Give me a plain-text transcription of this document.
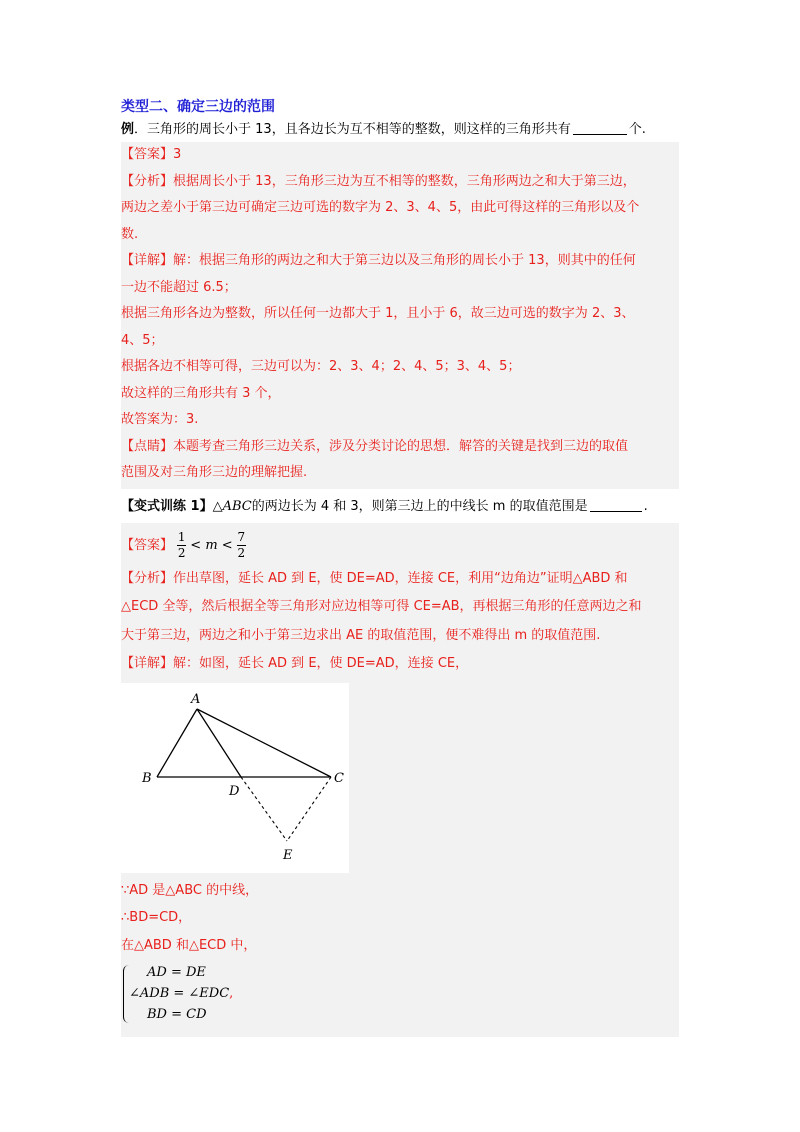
类型二、确定三边的范围
例．三角形的周长小于 13，且各边长为互不相等的整数，则这样的三角形共有	个.
【答案】3
【分析】根据周长小于 13，三角形三边为互不相等的整数，三角形两边之和大于第三边，
两边之差小于第三边可确定三边可选的数字为 2、3、4、5，由此可得这样的三角形以及个
数.
【详解】解：根据三角形的两边之和大于第三边以及三角形的周长小于 13，则其中的任何
一边不能超过 6.5；
根据三角形各边为整数，所以任何一边都大于 1，且小于 6，故三边可选的数字为 2、3、
4、5；
根据各边不相等可得，三边可以为：2、3、4；2、4、5；3、4、5；
故这样的三角形共有 3 个，
故答案为：3.
【点睛】本题考查三角形三边关系，涉及分类讨论的思想．解答的关键是找到三边的取值
范围及对三角形三边的理解把握.
【变式训练 1】△ABC的两边长为 4 和 3，则第三边上的中线长 m 的取值范围是	.
【答案】 $\frac{1}{2} < m < \frac{7}{2}$
【分析】作出草图，延长 AD 到 E，使 DE=AD，连接 CE，利用“边角边”证明△ABD 和
△ECD 全等，然后根据全等三角形对应边相等可得 CE=AB，再根据三角形的任意两边之和
大于第三边，两边之和小于第三边求出 AE 的取值范围，便不难得出 m 的取值范围.
【详解】解：如图，延长 AD 到 E，使 DE=AD，连接 CE，
A
B	C
D
E
∵AD 是△ABC 的中线，
∴BD=CD，
在△ABD 和△ECD 中，
AD = DE
∠ADB = ∠EDC,
BD = CD
